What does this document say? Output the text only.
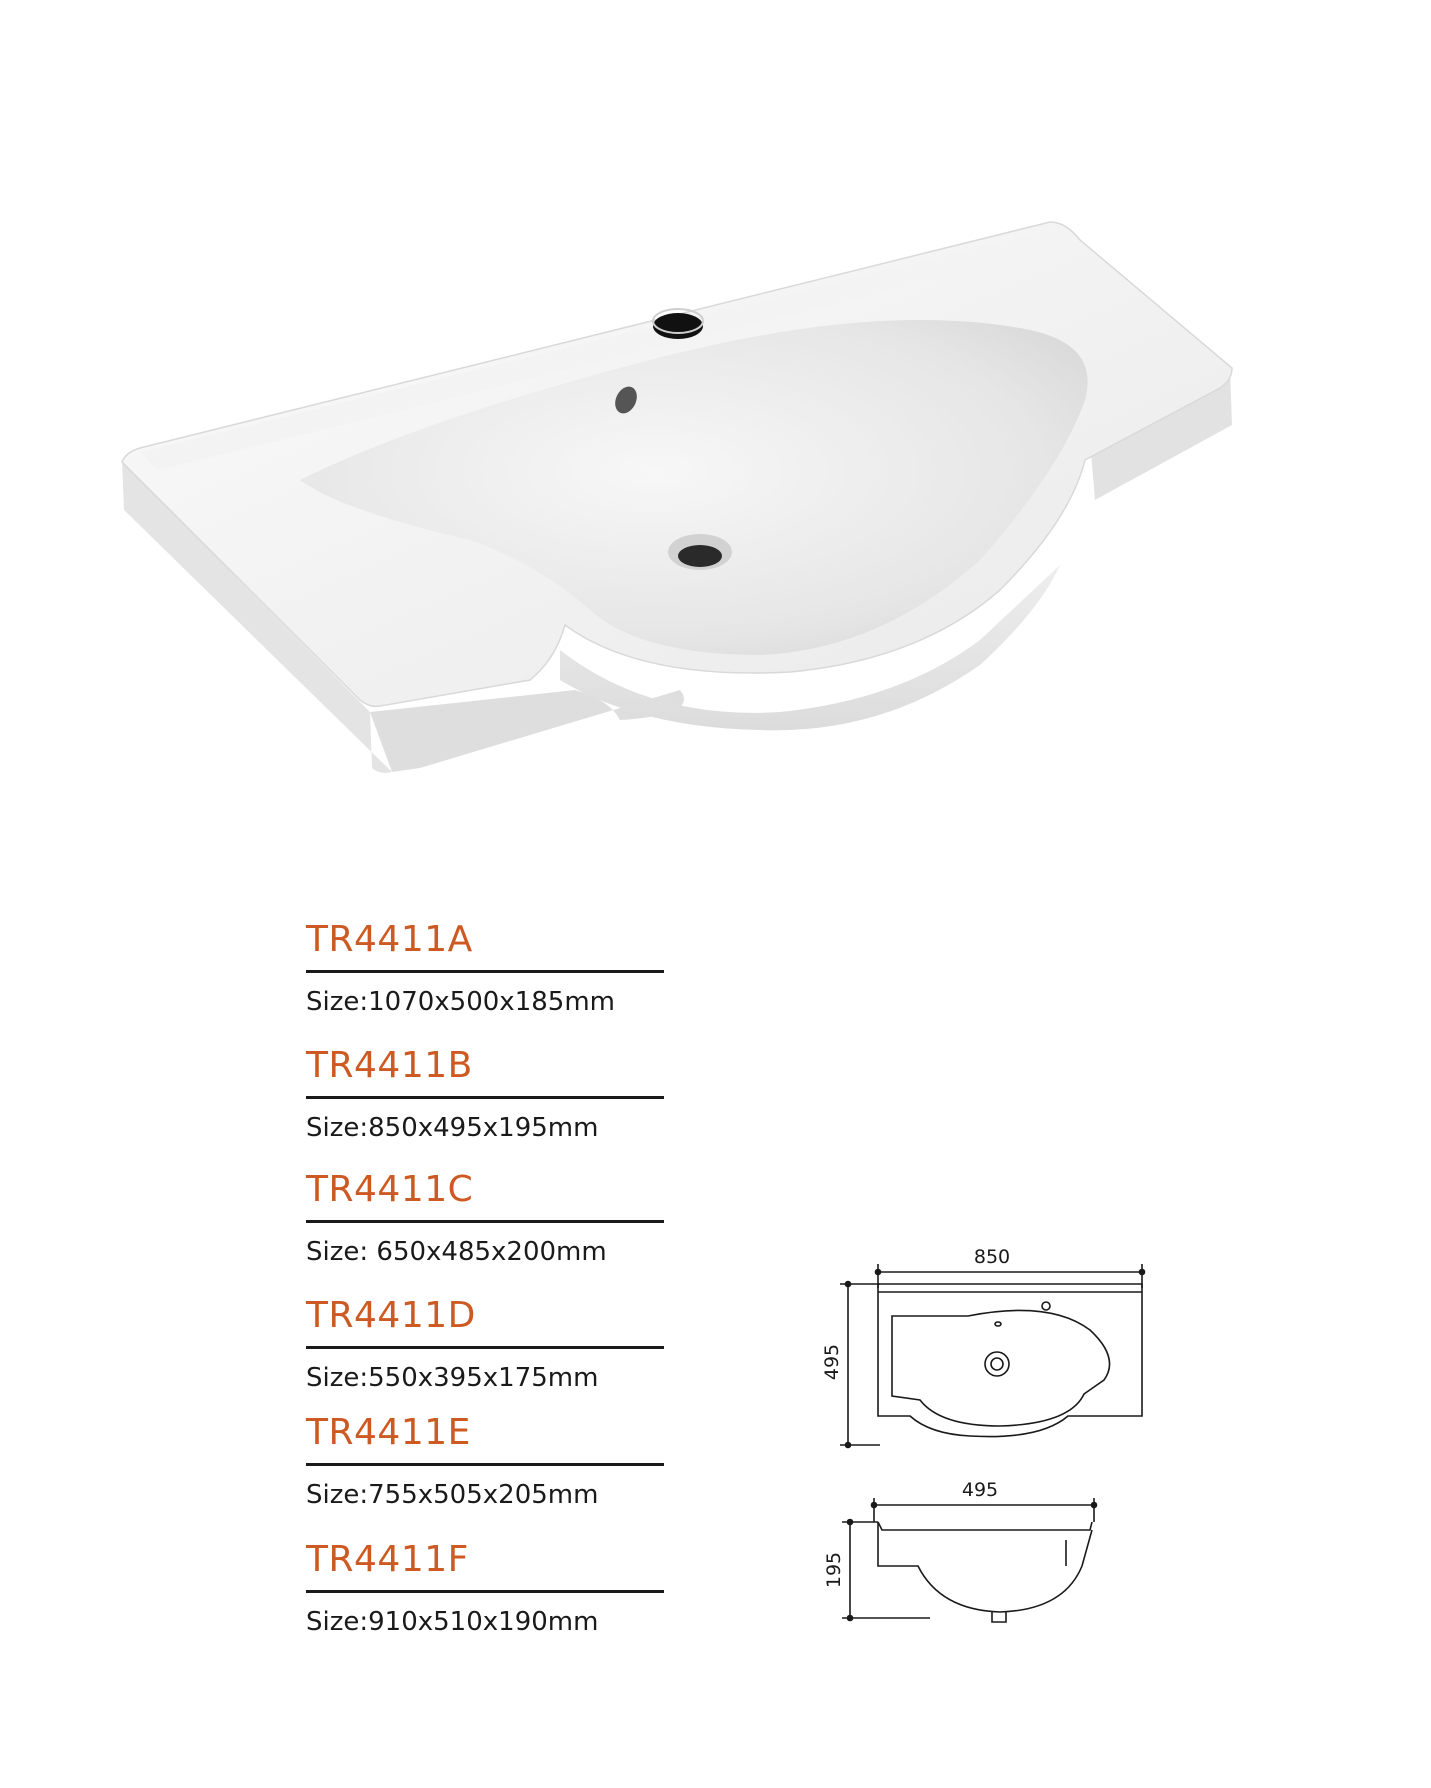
TR4411A
Size:1070x500x185mm
TR4411B
Size:850x495x195mm
TR4411C
Size: 650x485x200mm
TR4411D
Size:550x395x175mm
TR4411E
Size:755x505x205mm
TR4411F
Size:910x510x190mm
850
495
495
195
